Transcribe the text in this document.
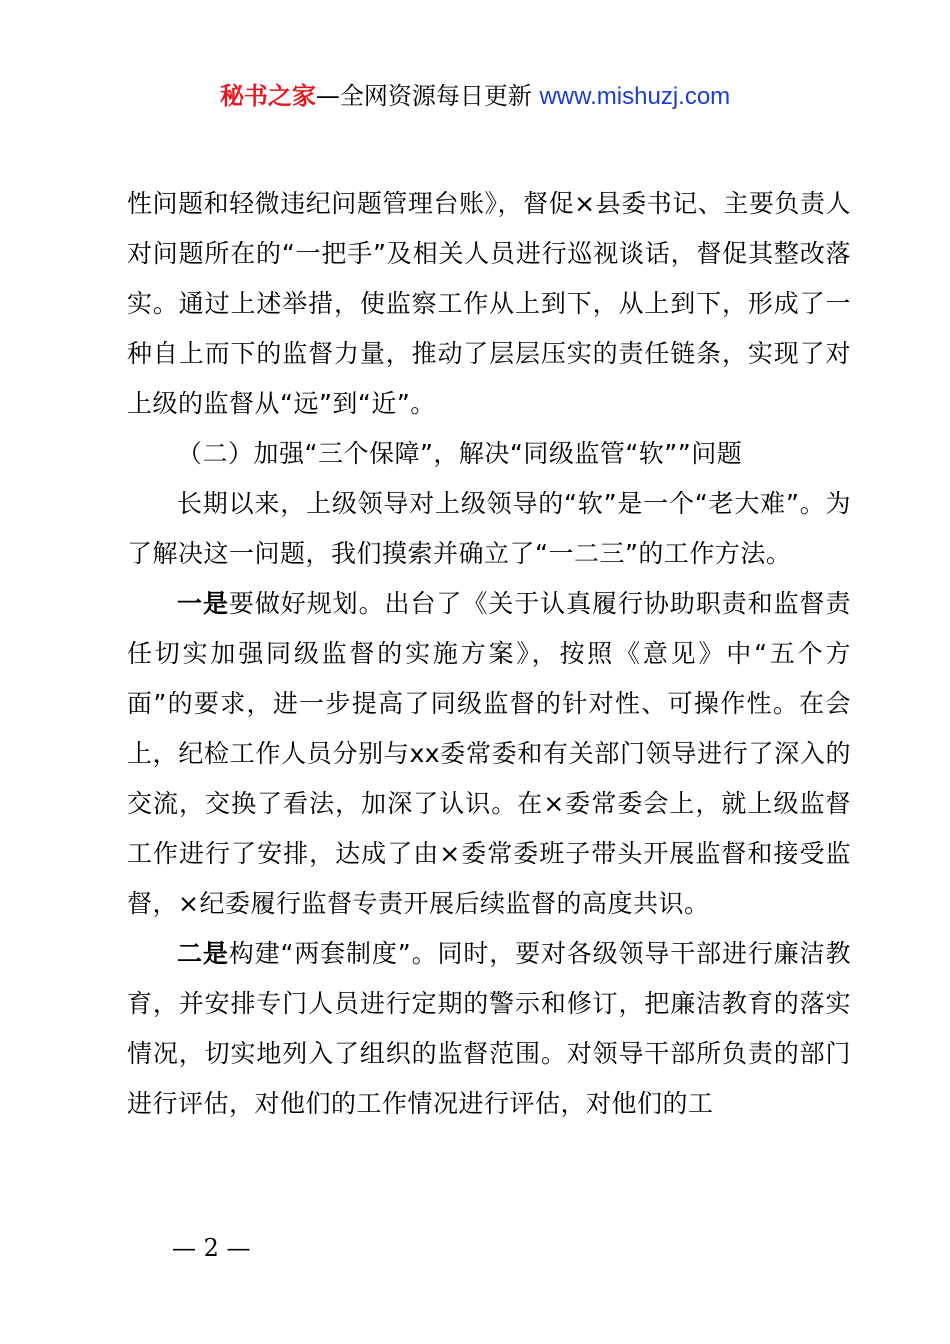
秘书之家—全网资源每日更新 www.mishuzj.com

性问题和轻微违纪问题管理台账》，督促×县委书记、主要负责人对问题所在的“一把手”及相关人员进行巡视谈话，督促其整改落实。通过上述举措，使监察工作从上到下，从上到下，形成了一种自上而下的监督力量，推动了层层压实的责任链条，实现了对上级的监督从“远”到“近”。

（二）加强“三个保障”，解决“同级监管“软””问题

长期以来，上级领导对上级领导的“软”是一个“老大难”。为了解决这一问题，我们摸索并确立了“一二三”的工作方法。

一是要做好规划。出台了《关于认真履行协助职责和监督责任切实加强同级监督的实施方案》，按照《意见》中“五个方面”的要求，进一步提高了同级监督的针对性、可操作性。在会上，纪检工作人员分别与xx委常委和有关部门领导进行了深入的交流，交换了看法，加深了认识。在×委常委会上，就上级监督工作进行了安排，达成了由×委常委班子带头开展监督和接受监督，×纪委履行监督专责开展后续监督的高度共识。

二是构建“两套制度”。同时，要对各级领导干部进行廉洁教育，并安排专门人员进行定期的警示和修订，把廉洁教育的落实情况，切实地列入了组织的监督范围。对领导干部所负责的部门进行评估，对他们的工作情况进行评估，对他们的工

— 2 —
